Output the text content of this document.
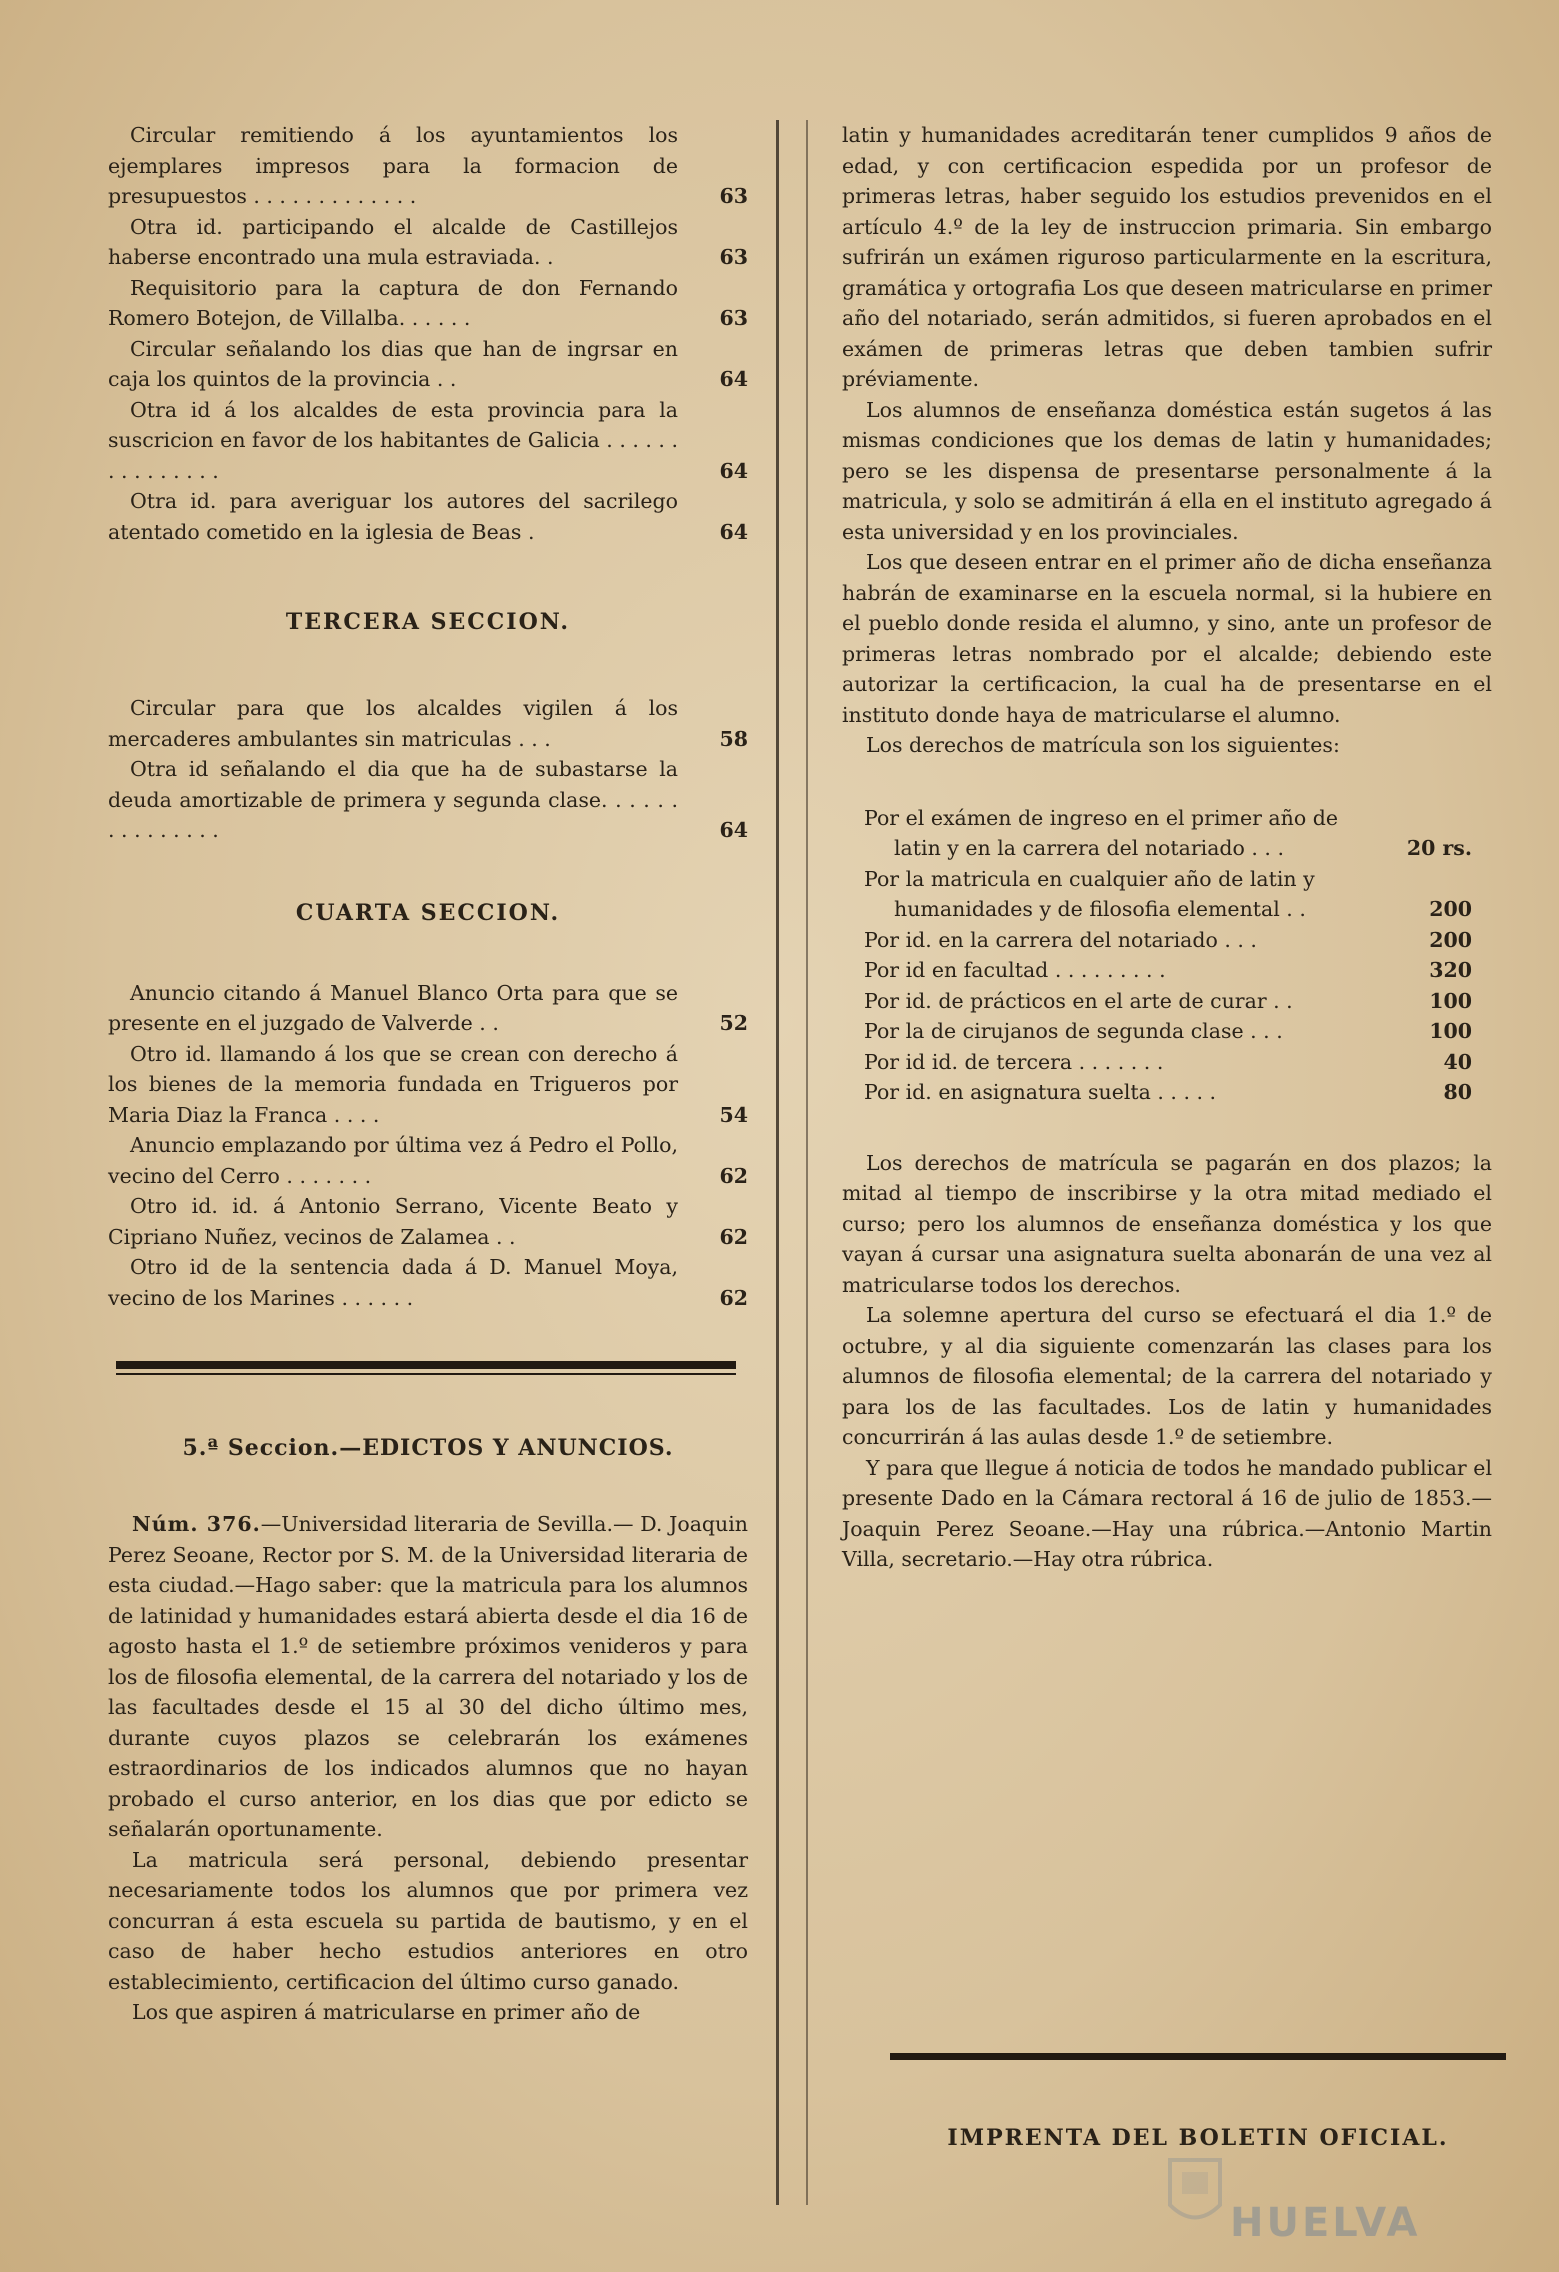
Circular remitiendo á los ayuntamientos los ejemplares impresos para la formacion de presupuestos . . . . . . . . . . . . .	63

Otra id. participando el alcalde de Castillejos haberse encontrado una mula estraviada. .	63

Requisitorio para la captura de don Fernando Romero Botejon, de Villalba. . . . . .	63

Circular señalando los dias que han de ingrsar en caja los quintos de la provincia . .	64

Otra id á los alcaldes de esta provincia para la suscricion en favor de los habitantes de Galicia . . . . . . . . . . . . . . .	64

Otra id. para averiguar los autores del sacrilego atentado cometido en la iglesia de Beas .	64

TERCERA SECCION.

Circular para que los alcaldes vigilen á los mercaderes ambulantes sin matriculas . . .	58

Otra id señalando el dia que ha de subastarse la deuda amortizable de primera y segunda clase. . . . . . . . . . . . . . .	64

CUARTA SECCION.

Anuncio citando á Manuel Blanco Orta para que se presente en el juzgado de Valverde . .	52

Otro id. llamando á los que se crean con derecho á los bienes de la memoria fundada en Trigueros por Maria Diaz la Franca . . . .	54

Anuncio emplazando por última vez á Pedro el Pollo, vecino del Cerro . . . . . . .	62

Otro id. id. á Antonio Serrano, Vicente Beato y Cipriano Nuñez, vecinos de Zalamea . .	62

Otro id de la sentencia dada á D. Manuel Moya, vecino de los Marines . . . . . .	62

5.ª Seccion.—EDICTOS Y ANUNCIOS.

Núm. 376.—Universidad literaria de Sevilla.— D. Joaquin Perez Seoane, Rector por S. M. de la Universidad literaria de esta ciudad.—Hago saber: que la matricula para los alumnos de latinidad y humanidades estará abierta desde el dia 16 de agosto hasta el 1.º de setiembre próximos venideros y para los de filosofia elemental, de la carrera del notariado y los de las facultades desde el 15 al 30 del dicho último mes, durante cuyos plazos se celebrarán los exámenes estraordinarios de los indicados alumnos que no hayan probado el curso anterior, en los dias que por edicto se señalarán oportunamente.

La matricula será personal, debiendo presentar necesariamente todos los alumnos que por primera vez concurran á esta escuela su partida de bautismo, y en el caso de haber hecho estudios anteriores en otro establecimiento, certificacion del último curso ganado.

Los que aspiren á matricularse en primer año de

latin y humanidades acreditarán tener cumplidos 9 años de edad, y con certificacion espedida por un profesor de primeras letras, haber seguido los estudios prevenidos en el artículo 4.º de la ley de instruccion primaria. Sin embargo sufrirán un exámen riguroso particularmente en la escritura, gramática y ortografia Los que deseen matricularse en primer año del notariado, serán admitidos, si fueren aprobados en el exámen de primeras letras que deben tambien sufrir préviamente.

Los alumnos de enseñanza doméstica están sugetos á las mismas condiciones que los demas de latin y humanidades; pero se les dispensa de presentarse personalmente á la matricula, y solo se admitirán á ella en el instituto agregado á esta universidad y en los provinciales.

Los que deseen entrar en el primer año de dicha enseñanza habrán de examinarse en la escuela normal, si la hubiere en el pueblo donde resida el alumno, y sino, ante un profesor de primeras letras nombrado por el alcalde; debiendo este autorizar la certificacion, la cual ha de presentarse en el instituto donde haya de matricularse el alumno.

Los derechos de matrícula son los siguientes:

Por el exámen de ingreso en el primer año de
latin y en la carrera del notariado . . .	20 rs.
Por la matricula en cualquier año de latin y
humanidades y de filosofia elemental . .	200
Por id. en la carrera del notariado . . .	200
Por id en facultad . . . . . . . . .	320
Por id. de prácticos en el arte de curar . .	100
Por la de cirujanos de segunda clase . . .	100
Por id id. de tercera . . . . . . .	40
Por id. en asignatura suelta . . . . .	80

Los derechos de matrícula se pagarán en dos plazos; la mitad al tiempo de inscribirse y la otra mitad mediado el curso; pero los alumnos de enseñanza doméstica y los que vayan á cursar una asignatura suelta abonarán de una vez al matricularse todos los derechos.

La solemne apertura del curso se efectuará el dia 1.º de octubre, y al dia siguiente comenzarán las clases para los alumnos de filosofia elemental; de la carrera del notariado y para los de las facultades. Los de latin y humanidades concurrirán á las aulas desde 1.º de setiembre.

Y para que llegue á noticia de todos he mandado publicar el presente Dado en la Cámara rectoral á 16 de julio de 1853.—Joaquin Perez Seoane.—Hay una rúbrica.—Antonio Martin Villa, secretario.—Hay otra rúbrica.

IMPRENTA DEL BOLETIN OFICIAL.
HUELVA
